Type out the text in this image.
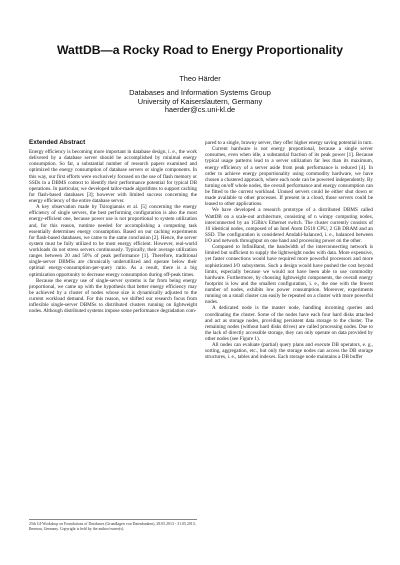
WattDB—a Rocky Road to Energy Proportionality
Theo Härder
Databases and Information Systems Group
University of Kaiserslautern, Germany
haerder@cs.uni-kl.de
Extended Abstract

Energy efficiency is becoming more important in database design, i. e., the work delivered by a database server should be accomplished by minimal energy consumption. So far, a substantial number of research papers examined and optimized the energy consumption of database servers or single components. In this way, our first efforts were exclusively focused on the use of flash memory or SSDs in a DBMS context to identify their performance potential for typical DB operations. In particular, we developed tailor-made algorithms to support caching for flash-based databases [3]; however with limited success concerning the energy efficiency of the entire database server.

A key observation made by Tsirogiannis et al. [5] concerning the energy efficiency of single servers, the best performing configuration is also the most energy-efficient one, because power use is not proportional to system utilization and, for this reason, runtime needed for accomplishing a computing task essentially determines energy consumption. Based on our caching experiments for flash-based databases, we came to the same conclusion [2]. Hence, the server system must be fully utilized to be most energy efficient. However, real-world workloads do not stress servers continuously. Typically, their average utilization ranges between 20 and 50% of peak performance [1]. Therefore, traditional single-server DBMSs are chronically underutilized and operate below their optimal energy-consumption-per-query ratio. As a result, there is a big optimization opportunity to decrease energy consumption during off-peak times.

Because the energy use of single-server systems is far from being energy proportional, we came up with the hypothesis that better energy efficiency may be achieved by a cluster of nodes whose size is dynamically adjusted to the current workload demand. For this reason, we shifted our research focus from inflexible single-server DBMSs to distributed clusters running on lightweight nodes. Although distributed systems impose some performance degradation com-

pared to a single, brawny server, they offer higher energy saving potential in turn.

Current hardware is not energy proportional, because a single server consumes, even when idle, a substantial fraction of its peak power [1]. Because typical usage patterns lead to a server utilization far less than its maximum, energy efficiency of a server aside from peak performance is reduced [4]. In order to achieve energy proportionality using commodity hardware, we have chosen a clustered approach, where each node can be powered independently. By turning on/off whole nodes, the overall performance and energy consumption can be fitted to the current workload. Unused servers could be either shut down or made available to other processes. If present in a cloud, those servers could be leased to other applications.

We have developed a research prototype of a distributed DBMS called WattDB on a scale-out architecture, consisting of n wimpy computing nodes, interconnected by an 1GBit/s Ethernet switch. The cluster currently consists of 10 identical nodes, composed of an Intel Atom D510 CPU, 2 GB DRAM and an SSD. The configuration is considered Amdahl-balanced, i. e., balanced between I/O and network throughput on one hand and processing power on the other.

Compared to InfiniBand, the bandwidth of the interconnecting network is limited but sufficient to supply the lightweight nodes with data. More expensive, yet faster connections would have required more powerful processors and more sophisticated I/O subsystems. Such a design would have pushed the cost beyond limits, especially because we would not have been able to use commodity hardware. Furthermore, by choosing lightweight components, the overall energy footprint is low and the smallest configuration, i. e., the one with the fewest number of nodes, exhibits low power consumption. Moreover, experiments running on a small cluster can easily be repeated on a cluster with more powerful nodes.

A dedicated node is the master node, handling incoming queries and coordinating the cluster. Some of the nodes have each four hard disks attached and act as storage nodes, providing persistent data storage to the cluster. The remaining nodes (without hard disks drives) are called processing nodes. Due to the lack of directly accessible storage, they can only operate on data provided by other nodes (see Figure 1).

All nodes can evaluate (partial) query plans and execute DB operators, e. g., sorting, aggregation, etc., but only the storage nodes can access the DB storage structures, i. e., tables and indexes. Each storage node maintains a DB buffer

25th GI-Workshop on Foundations of Databases (Grundlagen von Datenbanken), 28.05.2013 - 31.05.2013, Ilmenau, Germany. Copyright is held by the author/owner(s).
